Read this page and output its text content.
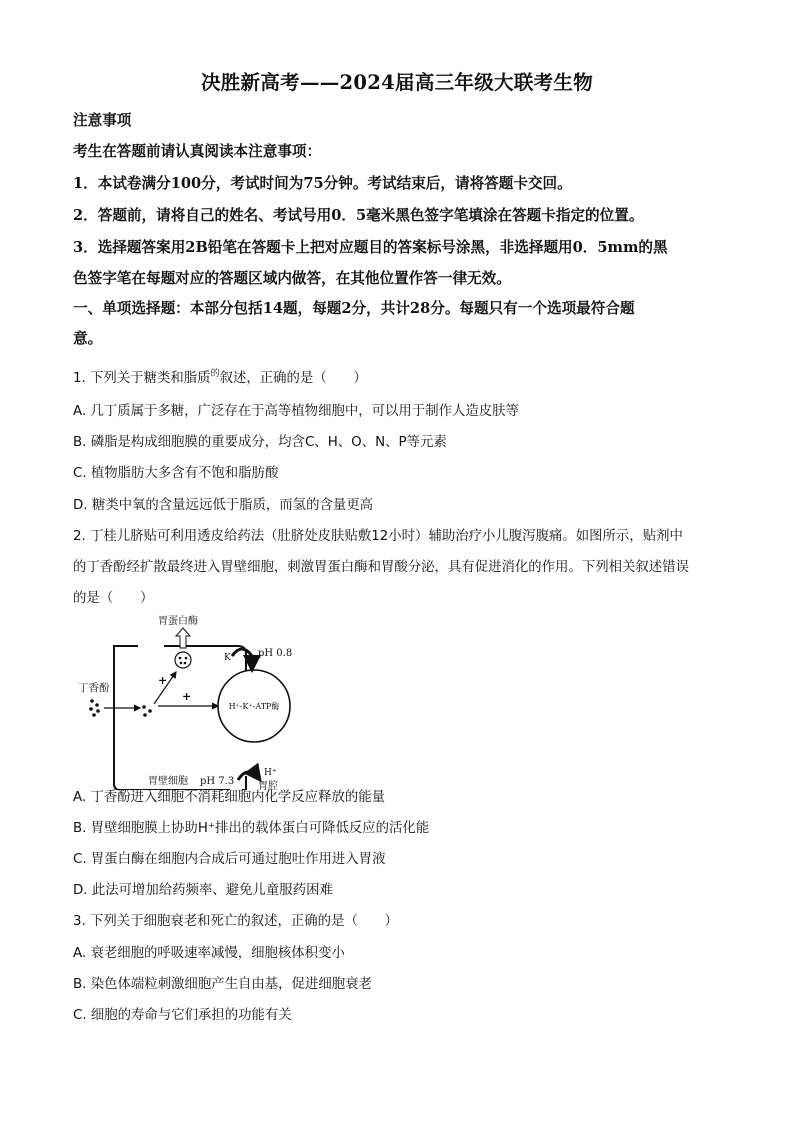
决胜新高考——2024届高三年级大联考生物
注意事项
考生在答题前请认真阅读本注意事项：
1．本试卷满分100分，考试时间为75分钟。考试结束后，请将答题卡交回。
2．答题前，请将自己的姓名、考试号用0．5毫米黑色签字笔填涂在答题卡指定的位置。
3．选择题答案用2B铅笔在答题卡上把对应题目的答案标号涂黑，非选择题用0．5mm的黑
色签字笔在每题对应的答题区域内做答，在其他位置作答一律无效。
一、单项选择题：本部分包括14题，每题2分，共计28分。每题只有一个选项最符合题
意。
1. 下列关于糖类和脂质$^的$叙述，正确的是（　　）
A. 几丁质属于多糖，广泛存在于高等植物细胞中，可以用于制作人造皮肤等
B. 磷脂是构成细胞膜的重要成分，均含C、H、O、N、P等元素
C. 植物脂肪大多含有不饱和脂肪酸
D. 糖类中氧的含量远远低于脂质，而氢的含量更高
2. 丁桂儿脐贴可利用透皮给药法（肚脐处皮肤贴敷12小时）辅助治疗小儿腹泻腹痛。如图所示，贴剂中
的丁香酚经扩散最终进入胃壁细胞，刺激胃蛋白酶和胃酸分泌，具有促进消化的作用。下列相关叙述错误
的是（　　）
胃蛋白酶
丁香酚
+
+
H⁺-K⁺-ATP酶
K⁺ pH 0.8
H⁺
胃腔
胃壁细胞 pH 7.3
A. 丁香酚进入细胞不消耗细胞内化学反应释放的能量
B. 胃壁细胞膜上协助H⁺排出的载体蛋白可降低反应的活化能
C. 胃蛋白酶在细胞内合成后可通过胞吐作用进入胃液
D. 此法可增加给药频率、避免儿童服药困难
3. 下列关于细胞衰老和死亡的叙述，正确的是（　　）
A. 衰老细胞的呼吸速率减慢，细胞核体积变小
B. 染色体端粒刺激细胞产生自由基，促进细胞衰老
C. 细胞的寿命与它们承担的功能有关
